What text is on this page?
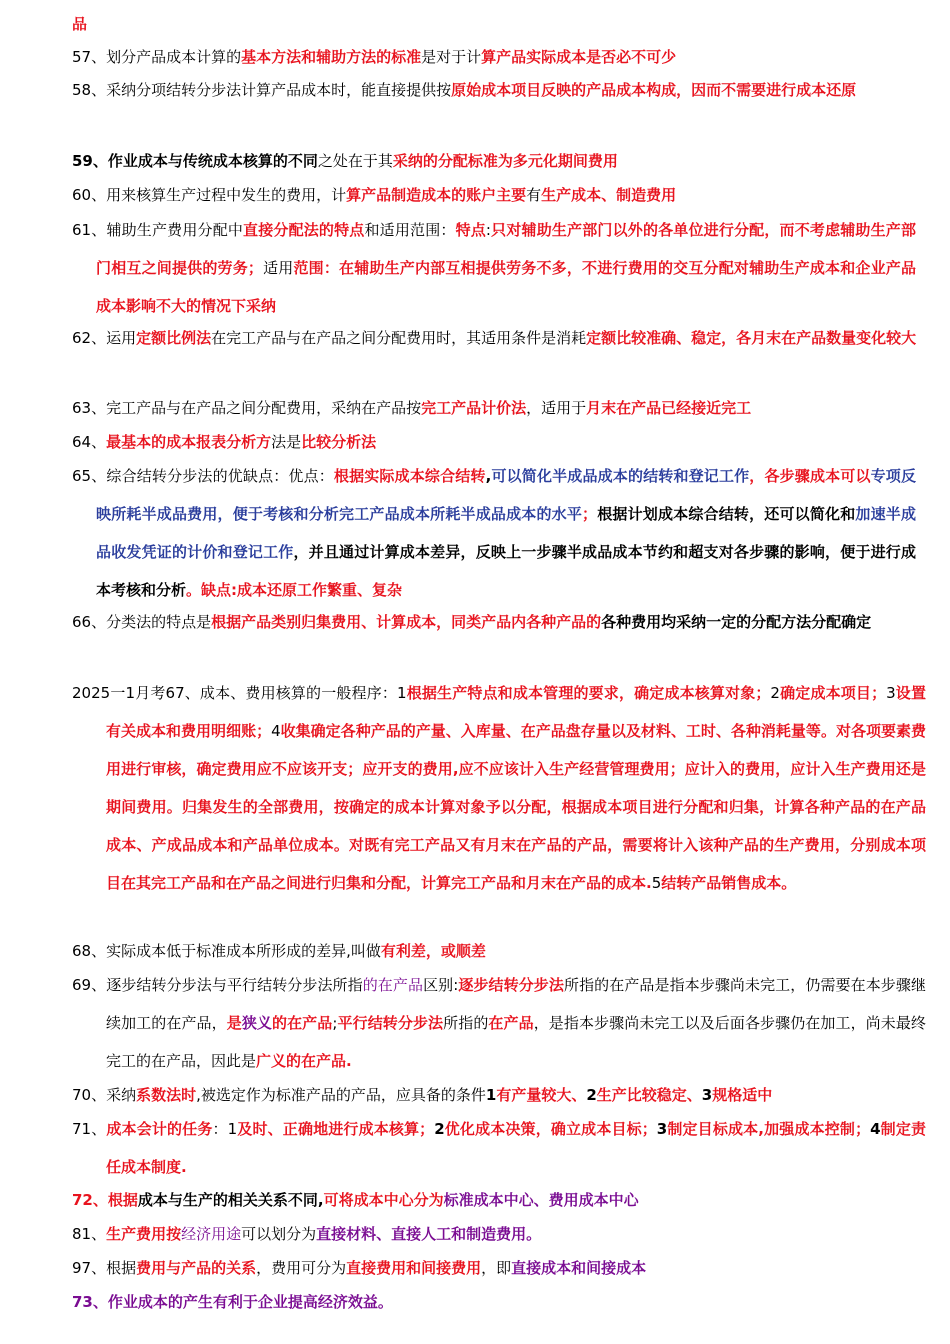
品
57、划分产品成本计算的基本方法和辅助方法的标准是对于计算产品实际成本是否必不可少
58、采纳分项结转分步法计算产品成本时，能直接提供按原始成本项目反映的产品成本构成，因而不需要进行成本还原
59、作业成本与传统成本核算的不同之处在于其采纳的分配标准为多元化期间费用
60、用来核算生产过程中发生的费用，计算产品制造成本的账户主要有生产成本、制造费用
61、辅助生产费用分配中直接分配法的特点和适用范围：特点:只对辅助生产部门以外的各单位进行分配，而不考虑辅助生产部门相互之间提供的劳务；适用范围：在辅助生产内部互相提供劳务不多，不进行费用的交互分配对辅助生产成本和企业产品成本影响不大的情况下采纳
62、运用定额比例法在完工产品与在产品之间分配费用时，其适用条件是消耗定额比较准确、稳定，各月末在产品数量变化较大
63、完工产品与在产品之间分配费用，采纳在产品按完工产品计价法，适用于月末在产品已经接近完工
64、最基本的成本报表分析方法是比较分析法
65、综合结转分步法的优缺点：优点：根据实际成本综合结转,可以简化半成品成本的结转和登记工作，各步骤成本可以专项反映所耗半成品费用，便于考核和分析完工产品成本所耗半成品成本的水平；根据计划成本综合结转，还可以简化和加速半成品收发凭证的计价和登记工作，并且通过计算成本差异，反映上一步骤半成品成本节约和超支对各步骤的影响，便于进行成本考核和分析。缺点:成本还原工作繁重、复杂
66、分类法的特点是根据产品类别归集费用、计算成本，同类产品内各种产品的各种费用均采纳一定的分配方法分配确定
2025一1月考67、成本、费用核算的一般程序：1根据生产特点和成本管理的要求，确定成本核算对象；2确定成本项目；3设置有关成本和费用明细账；4收集确定各种产品的产量、入库量、在产品盘存量以及材料、工时、各种消耗量等。对各项要素费用进行审核，确定费用应不应该开支；应开支的费用,应不应该计入生产经营管理费用；应计入的费用，应计入生产费用还是期间费用。归集发生的全部费用，按确定的成本计算对象予以分配，根据成本项目进行分配和归集，计算各种产品的在产品成本、产成品成本和产品单位成本。对既有完工产品又有月末在产品的产品，需要将计入该种产品的生产费用，分别成本项目在其完工产品和在产品之间进行归集和分配，计算完工产品和月末在产品的成本.5结转产品销售成本。
68、实际成本低于标准成本所形成的差异,叫做有利差，或顺差
69、逐步结转分步法与平行结转分步法所指的在产品区别:逐步结转分步法所指的在产品是指本步骤尚未完工，仍需要在本步骤继续加工的在产品，是狭义的在产品;平行结转分步法所指的在产品，是指本步骤尚未完工以及后面各步骤仍在加工，尚未最终完工的在产品，因此是广义的在产品.
70、采纳系数法时,被选定作为标准产品的产品，应具备的条件1有产量较大、2生产比较稳定、3规格适中
71、成本会计的任务：1及时、正确地进行成本核算；2优化成本决策，确立成本目标；3制定目标成本,加强成本控制；4制定责任成本制度.
72、根据成本与生产的相关关系不同,可将成本中心分为标准成本中心、费用成本中心
81、生产费用按经济用途可以划分为直接材料、直接人工和制造费用。
97、根据费用与产品的关系，费用可分为直接费用和间接费用，即直接成本和间接成本
73、作业成本的产生有利于企业提高经济效益。
